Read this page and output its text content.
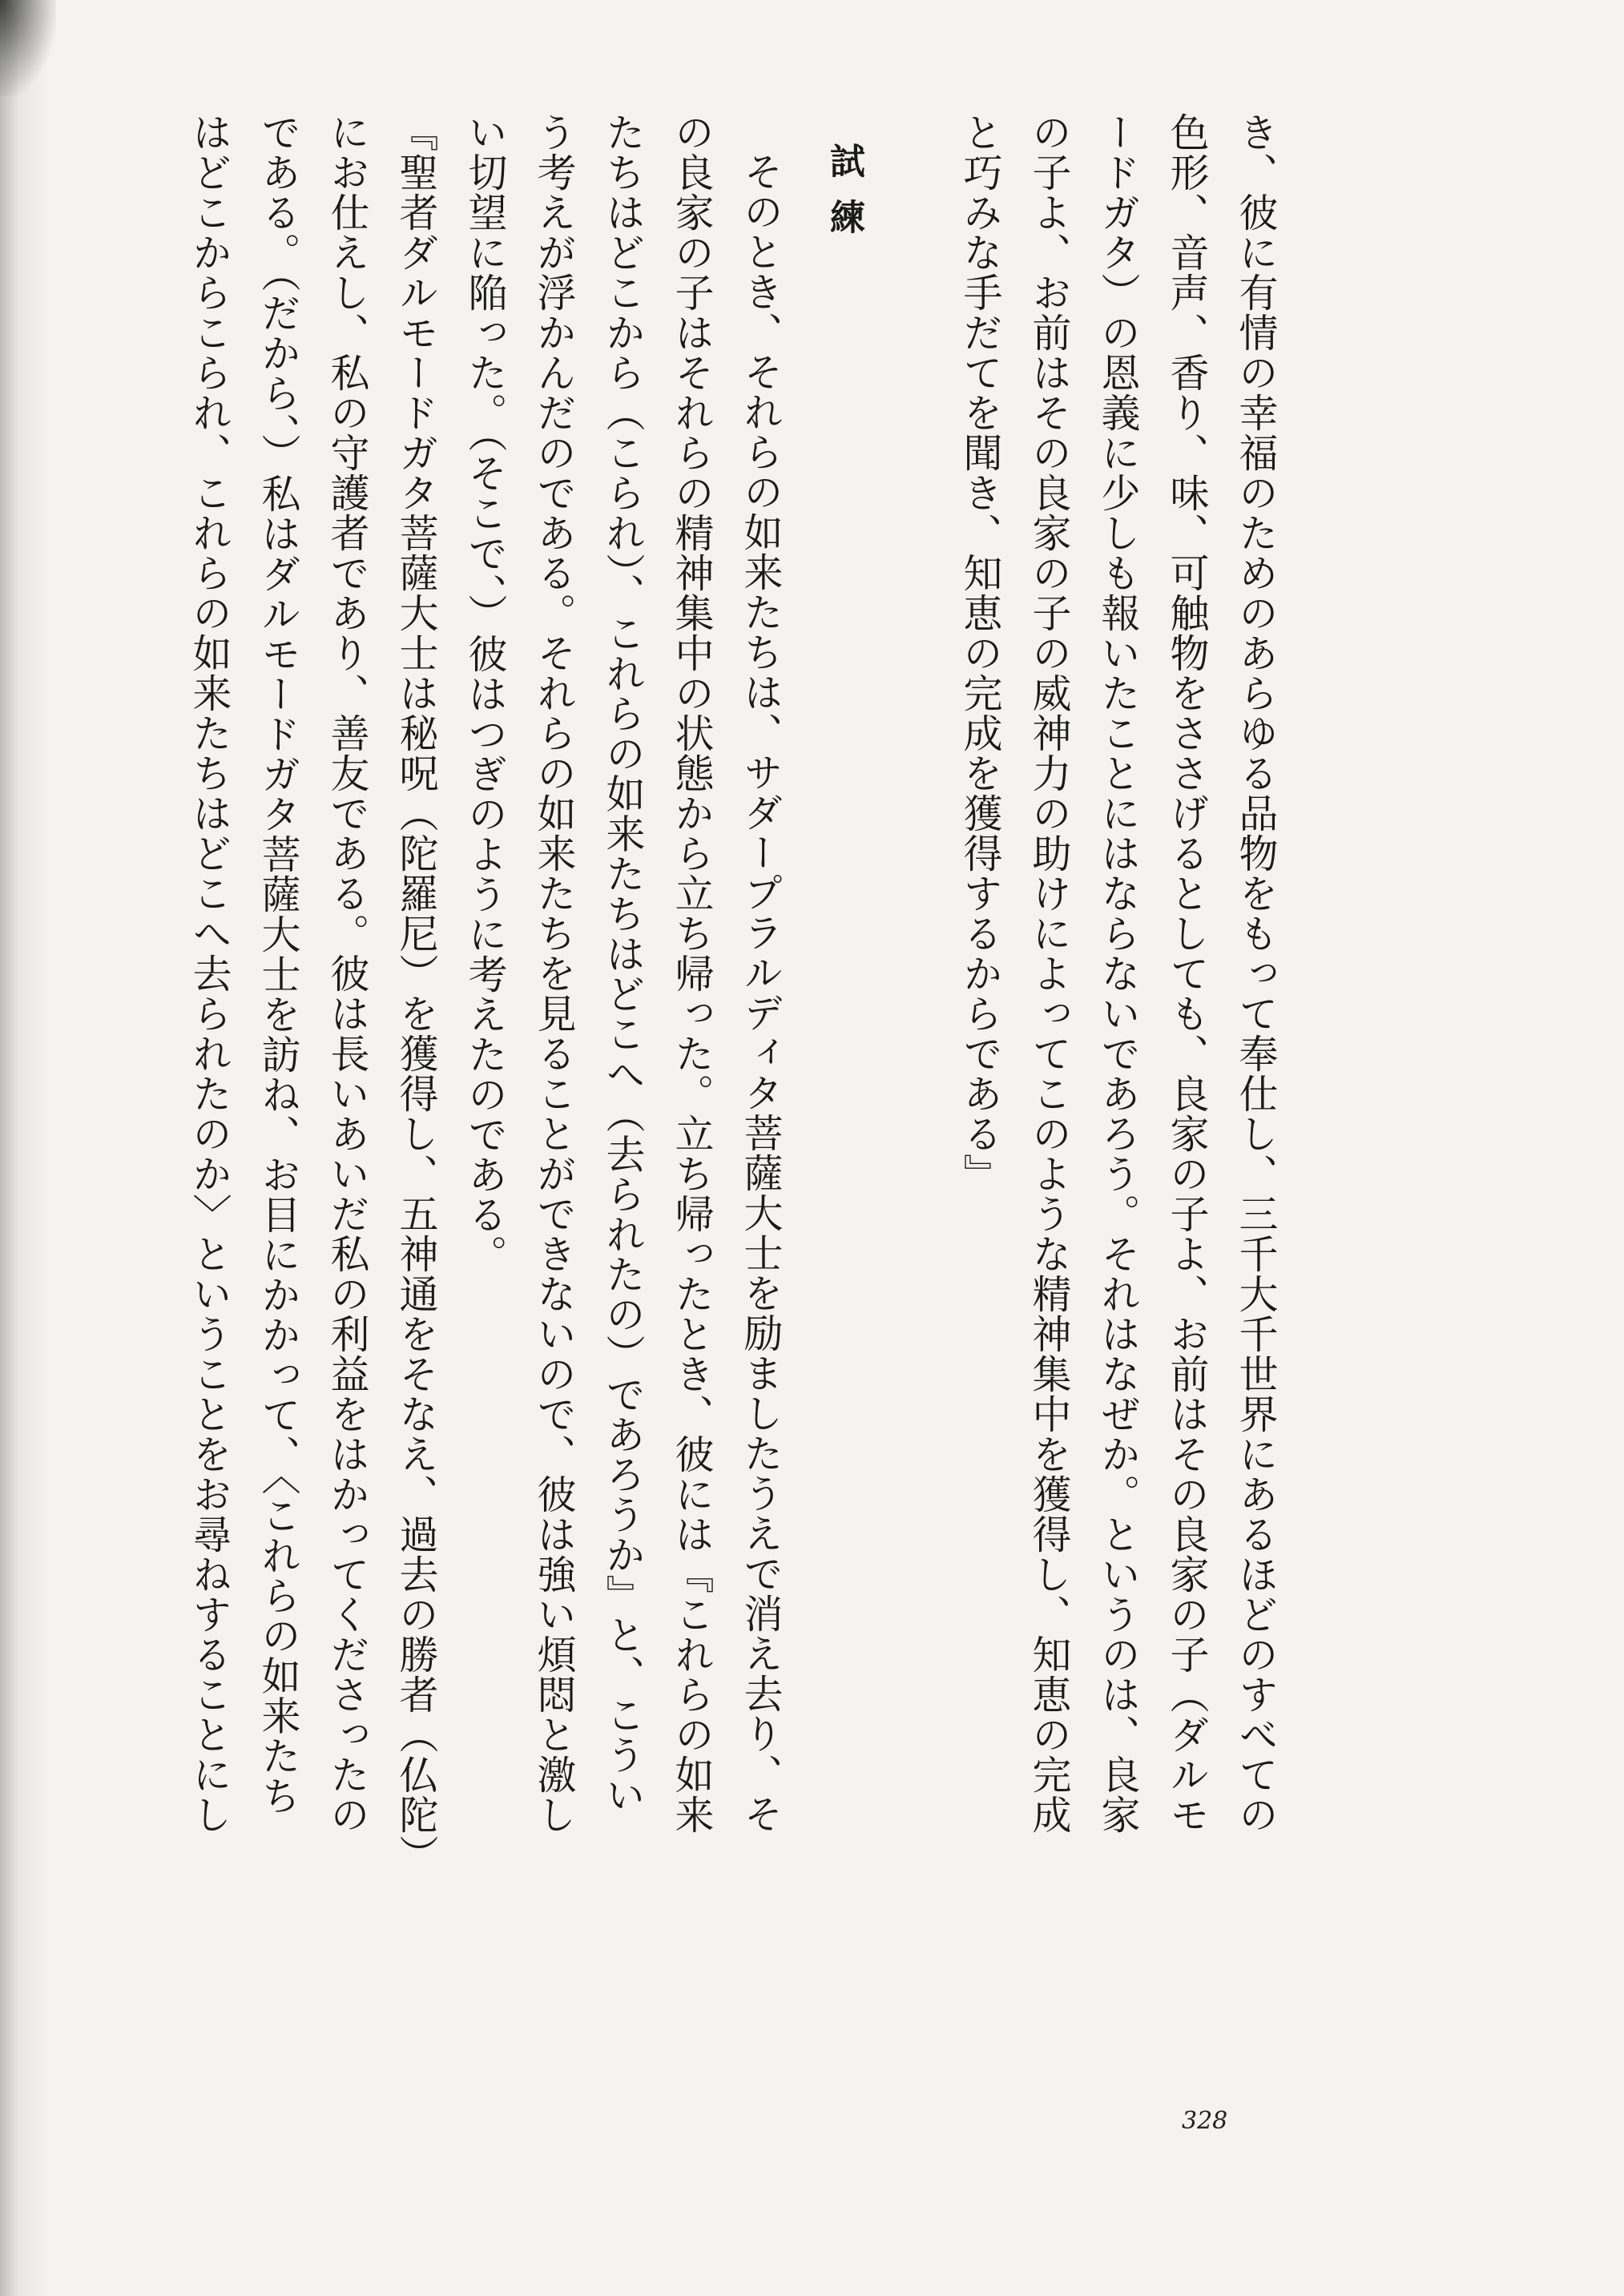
き、彼に有情の幸福のためのあらゆる品物をもって奉仕し、三千大千世界にあるほどのすべての
色形、音声、香り、味、可触物をささげるとしても、良家の子よ、お前はその良家の子（ダルモ
ードガタ）の恩義に少しも報いたことにはならないであろう。それはなぜか。というのは、良家
の子よ、お前はその良家の子の威神力の助けによってこのような精神集中を獲得し、知恵の完成
と巧みな手だてを聞き、知恵の完成を獲得するからである』
試練
そのとき、それらの如来たちは、サダープラルディタ菩薩大士を励ましたうえで消え去り、そ
の良家の子はそれらの精神集中の状態から立ち帰った。立ち帰ったとき、彼には『これらの如来
たちはどこから（こられ）、これらの如来たちはどこへ（去られたの）であろうか』と、こうい
う考えが浮かんだのである。それらの如来たちを見ることができないので、彼は強い煩悶と激し
い切望に陥った。（そこで、）彼はつぎのように考えたのである。
『聖者ダルモードガタ菩薩大士は秘呪（陀羅尼）を獲得し、五神通をそなえ、過去の勝者（仏陀）
にお仕えし、私の守護者であり、善友である。彼は長いあいだ私の利益をはかってくださったの
である。（だから、）私はダルモードガタ菩薩大士を訪ね、お目にかかって、〈これらの如来たち
はどこからこられ、これらの如来たちはどこへ去られたのか〉ということをお尋ねすることにし
328
